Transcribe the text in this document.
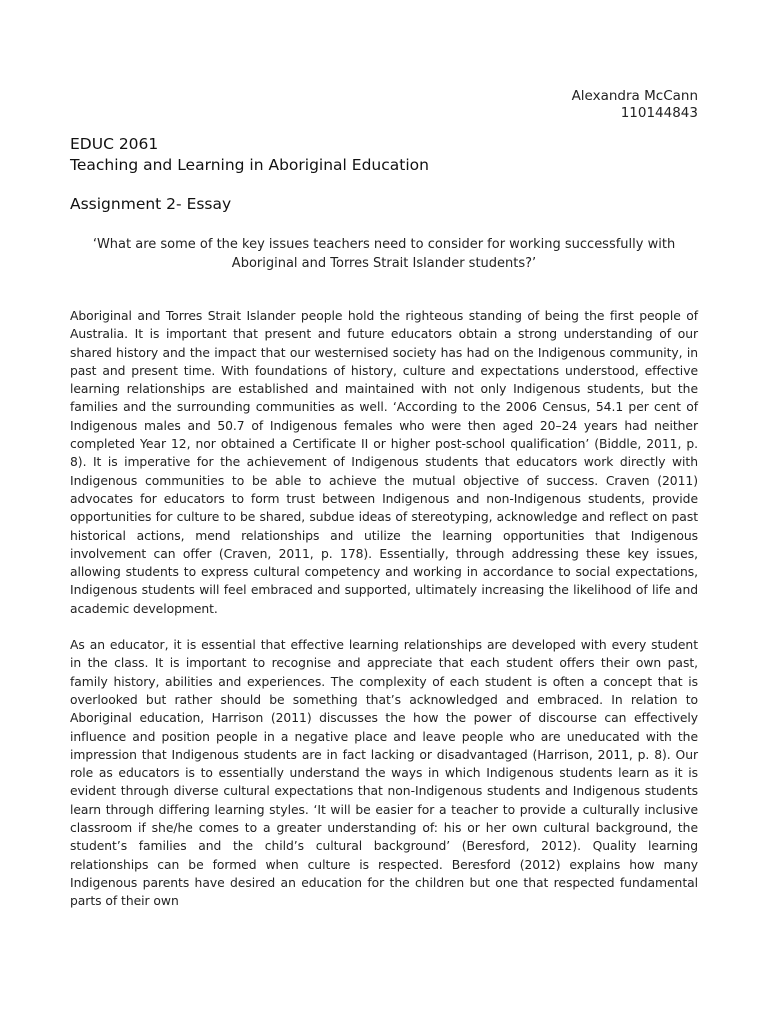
Alexandra McCann
110144843
EDUC 2061
Teaching and Learning in Aboriginal Education
Assignment 2- Essay
‘What are some of the key issues teachers need to consider for working successfully with Aboriginal and Torres Strait Islander students?’

Aboriginal and Torres Strait Islander people hold the righteous standing of being the first people of Australia. It is important that present and future educators obtain a strong understanding of our shared history and the impact that our westernised society has had on the Indigenous community, in past and present time. With foundations of history, culture and expectations understood, effective learning relationships are established and maintained with not only Indigenous students, but the families and the surrounding communities as well. ‘According to the 2006 Census, 54.1 per cent of Indigenous males and 50.7 of Indigenous females who were then aged 20–24 years had neither completed Year 12, nor obtained a Certificate II or higher post-school qualification’ (Biddle, 2011, p. 8). It is imperative for the achievement of Indigenous students that educators work directly with Indigenous communities to be able to achieve the mutual objective of success. Craven (2011) advocates for educators to form trust between Indigenous and non-Indigenous students, provide opportunities for culture to be shared, subdue ideas of stereotyping, acknowledge and reflect on past historical actions, mend relationships and utilize the learning opportunities that Indigenous involvement can offer (Craven, 2011, p. 178). Essentially, through addressing these key issues, allowing students to express cultural competency and working in accordance to social expectations, Indigenous students will feel embraced and supported, ultimately increasing the likelihood of life and academic development.

As an educator, it is essential that effective learning relationships are developed with every student in the class. It is important to recognise and appreciate that each student offers their own past, family history, abilities and experiences. The complexity of each student is often a concept that is overlooked but rather should be something that’s acknowledged and embraced. In relation to Aboriginal education, Harrison (2011) discusses the how the power of discourse can effectively influence and position people in a negative place and leave people who are uneducated with the impression that Indigenous students are in fact lacking or disadvantaged (Harrison, 2011, p. 8). Our role as educators is to essentially understand the ways in which Indigenous students learn as it is evident through diverse cultural expectations that non-Indigenous students and Indigenous students learn through differing learning styles. ‘It will be easier for a teacher to provide a culturally inclusive classroom if she/he comes to a greater understanding of: his or her own cultural background, the student’s families and the child’s cultural background’ (Beresford, 2012). Quality learning relationships can be formed when culture is respected. Beresford (2012) explains how many Indigenous parents have desired an education for the children but one that respected fundamental parts of their own
